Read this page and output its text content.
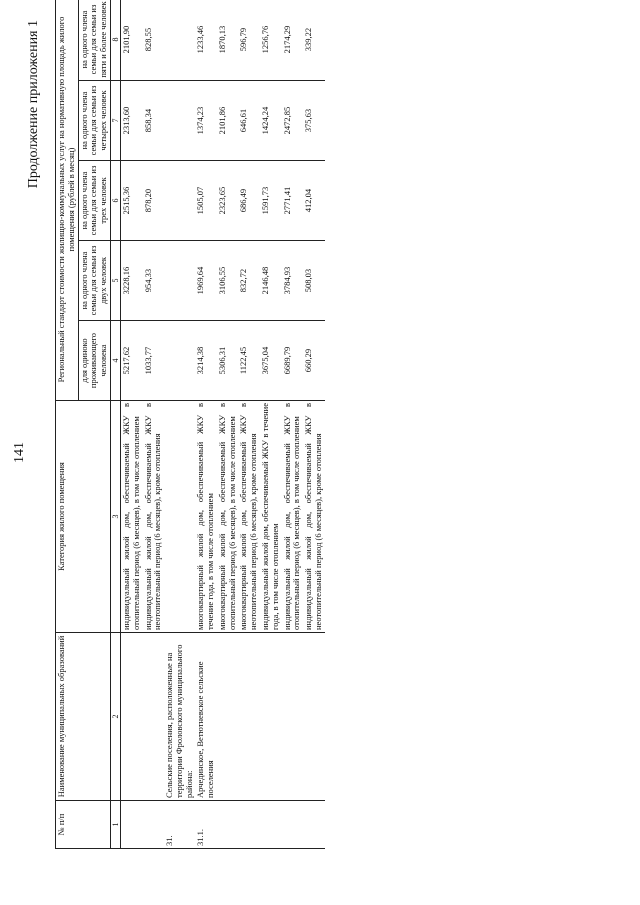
141
Продолжение приложения 1
№ п/п	Наименование муниципальных образований	Категория жилого помещения	Региональный стандарт стоимости жилищно-коммунальных услуг на нормативную площадь жилого помещения (рублей в месяц)				
			для одиноко проживающего человека	на одного члена семьи для семьи из двух человек	на одного члена семьи для семьи из трех человек	на одного члена семьи для семьи из четырех человек	на одного члена семьи для семьи из пяти и более человек
1	2	3	4	5	6	7	8
		индивидуальный жилой дом, обеспечиваемый ЖКУ в отопительный период (6 месяцев), в том числе отоплением	5217,62	3228,16	2515,36	2313,60	2101,90
		индивидуальный жилой дом, обеспечиваемый ЖКУ в неотопительный период (6 месяцев), кроме отопления	1033,77	954,33	878,20	858,34	828,55
31.	Сельские поселения, расположенные на территории Фроловского муниципального района:						
31.1.	Арчединское, Ветютневское сельские поселения	многоквартирный жилой дом, обеспечиваемый ЖКУ в течение года, в том числе отоплением	3214,38	1969,64	1505,07	1374,23	1233,46
		многоквартирный жилой дом, обеспечиваемый ЖКУ в отопительный период (6 месяцев), в том числе отоплением	5306,31	3106,55	2323,65	2101,86	1870,13
		многоквартирный жилой дом, обеспечиваемый ЖКУ в неотопительный период (6 месяцев), кроме отопления	1122,45	832,72	686,49	646,61	596,79
		индивидуальный жилой дом, обеспечиваемый ЖКУ в течение года, в том числе отоплением	3675,04	2146,48	1591,73	1424,24	1256,76
		индивидуальный жилой дом, обеспечиваемый ЖКУ в отопительный период (6 месяцев), в том числе отоплением	6689,79	3784,93	2771,41	2472,85	2174,29
		индивидуальный жилой дом, обеспечиваемый ЖКУ в неотопительный период (6 месяцев), кроме отопления	660,29	508,03	412,04	375,63	339,22
